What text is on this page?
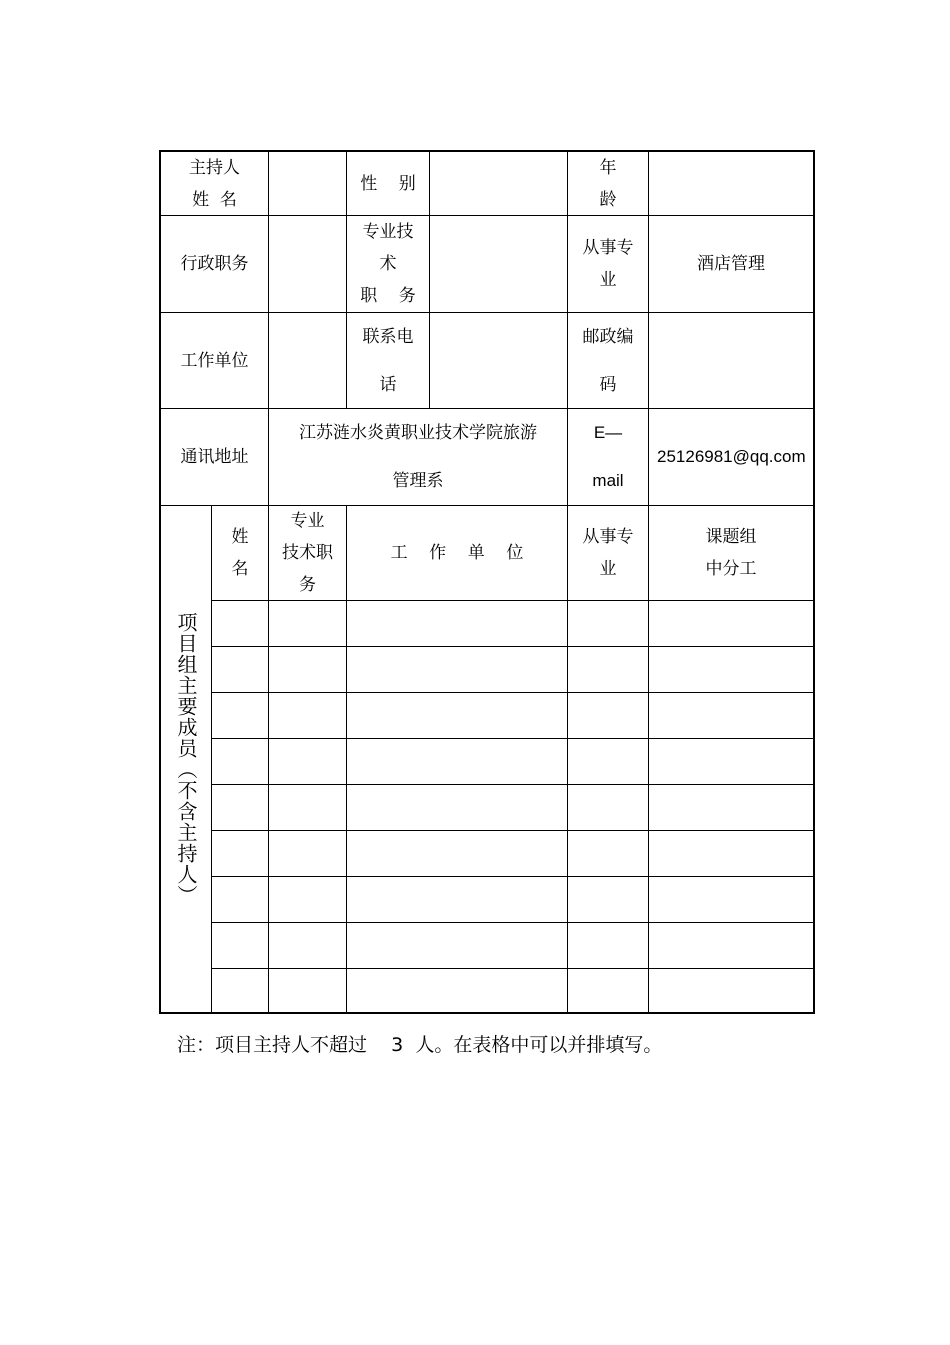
主持人
姓  名
性    别
年
龄
行政职务
专业技
术
职    务
从事专
业
酒店管理
工作单位
联系电
话
邮政编
码
通讯地址
江苏涟水炎黄职业技术学院旅游
管理系
E—
mail
25126981@qq.com
项目组主要成员（不含主持人）
姓
名
专业
技术职
务
工    作    单    位
从事专
业
课题组
中分工
注：项目主持人不超过    3  人。在表格中可以并排填写。
